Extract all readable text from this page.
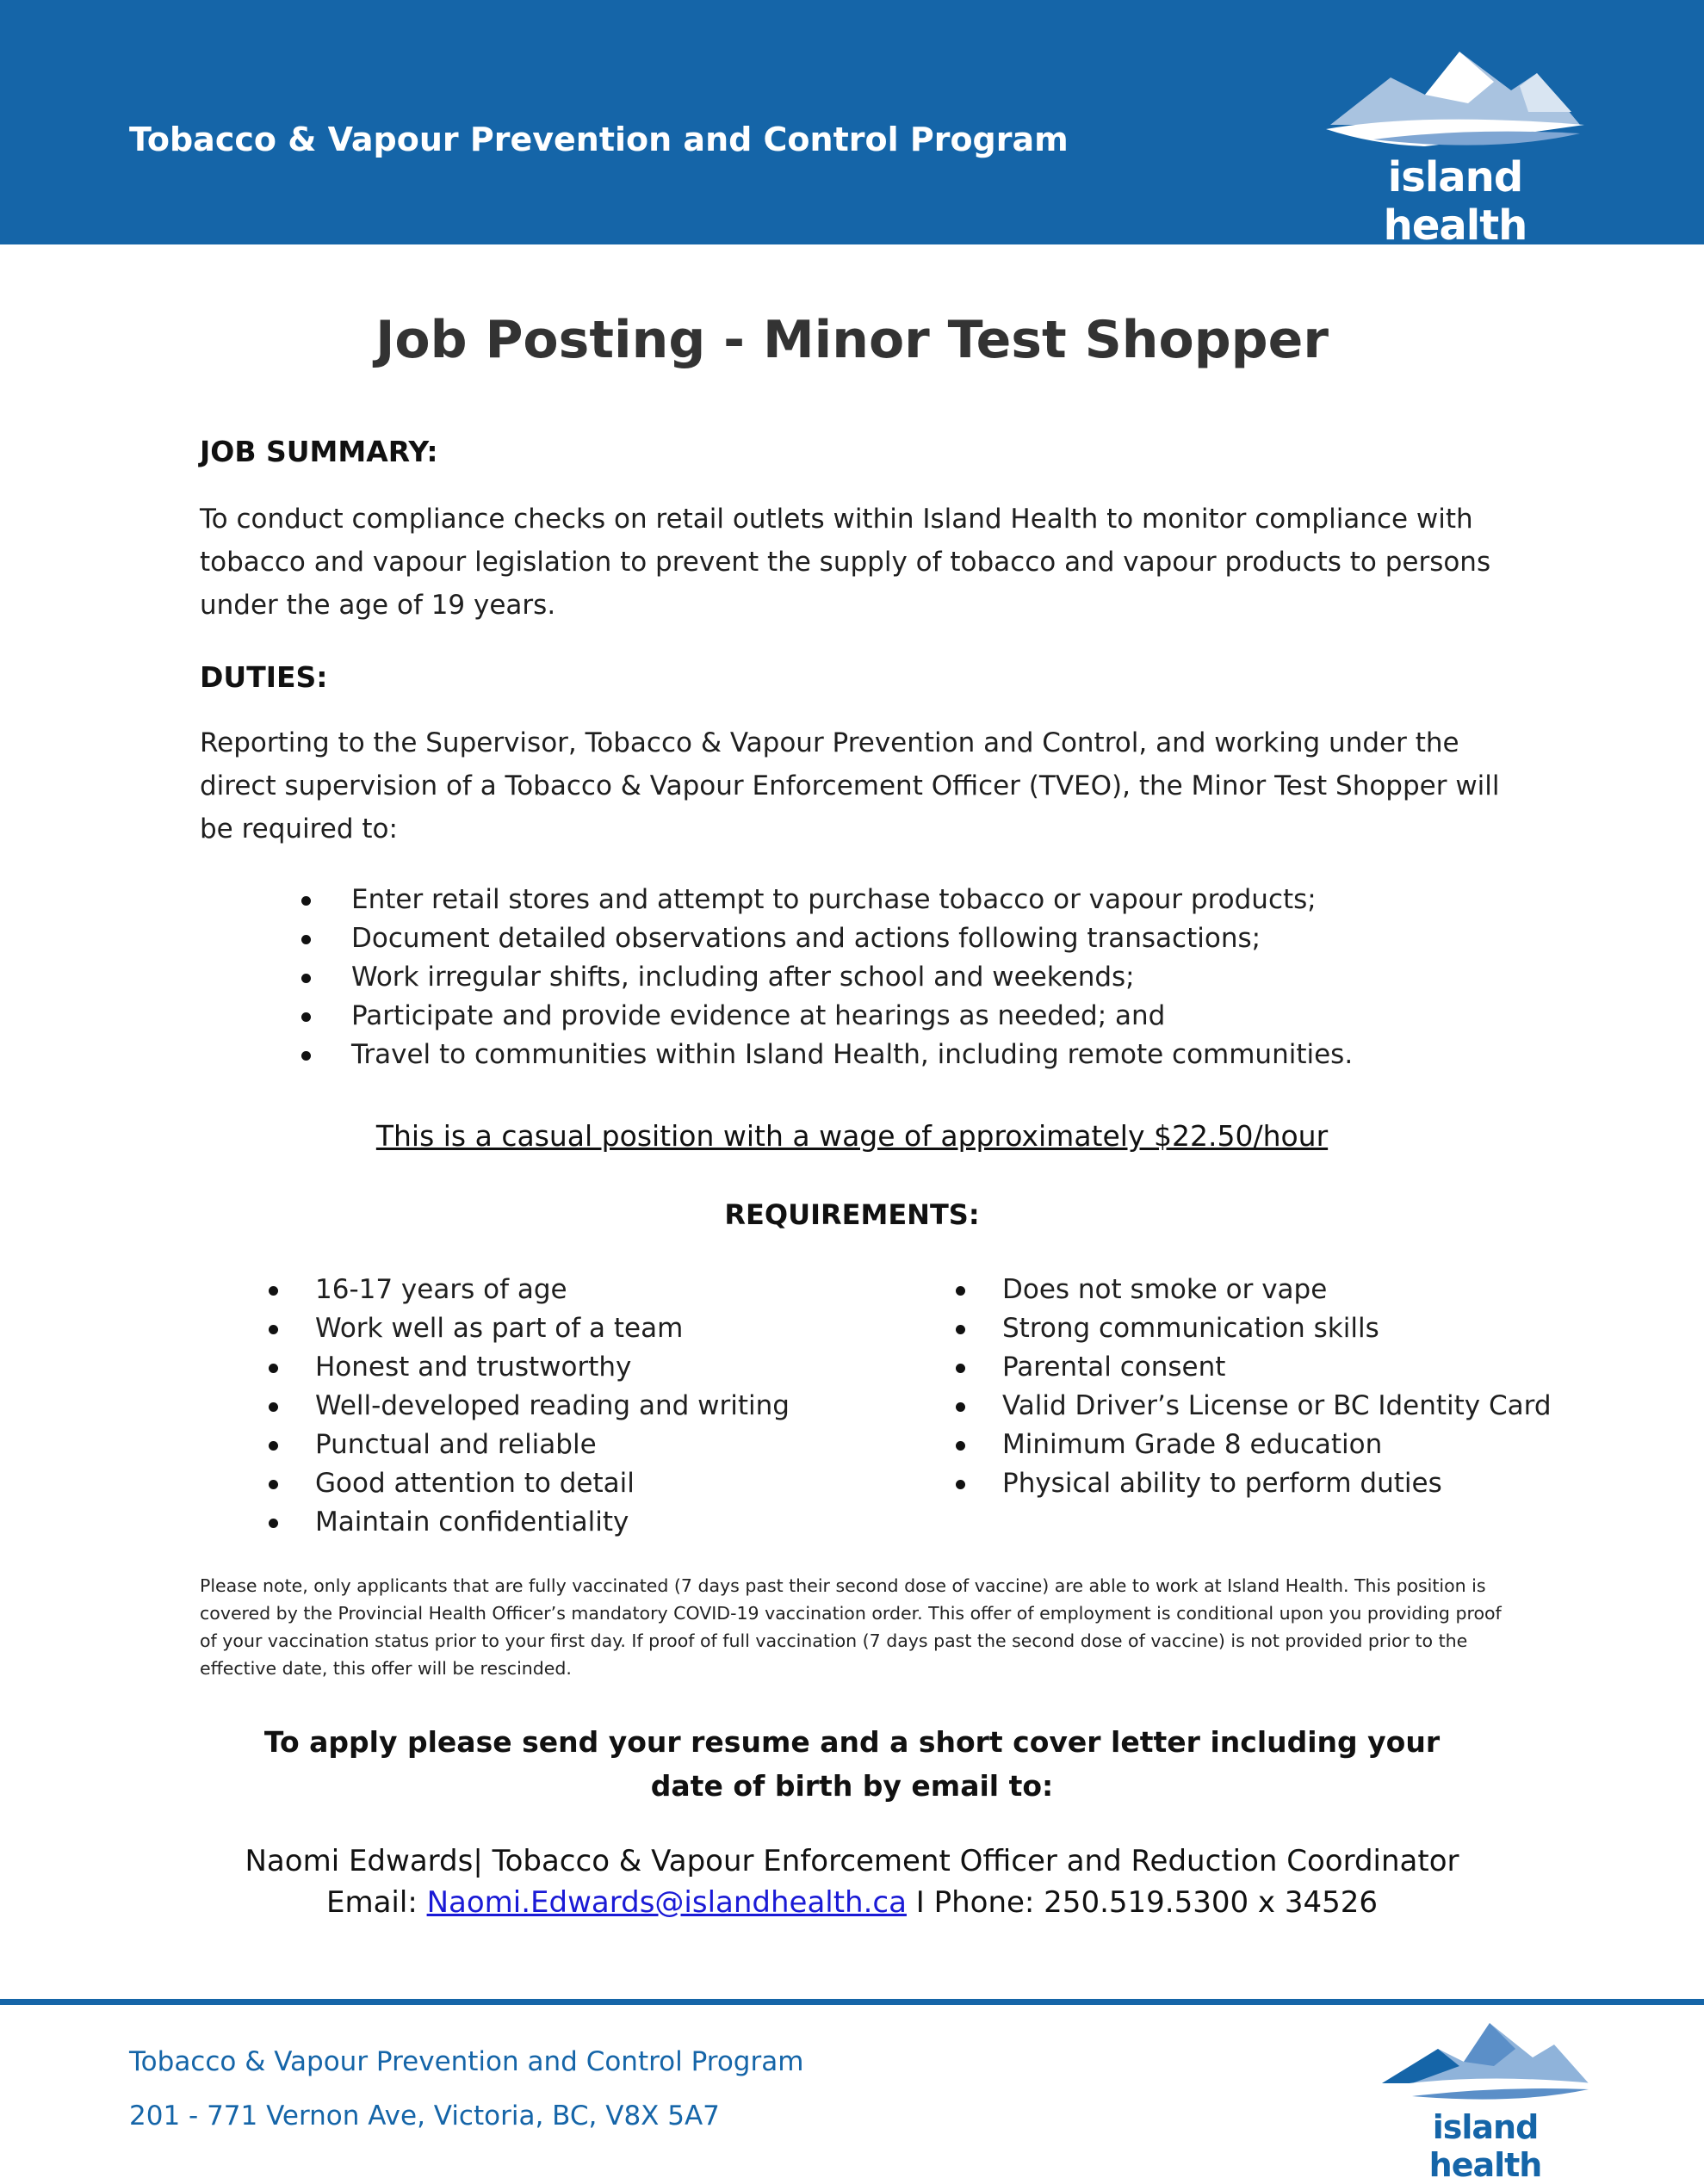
Tobacco & Vapour Prevention and Control Program
island health
Job Posting - Minor Test Shopper
JOB SUMMARY:
To conduct compliance checks on retail outlets within Island Health to monitor compliance with tobacco and vapour legislation to prevent the supply of tobacco and vapour products to persons under the age of 19 years.
DUTIES:
Reporting to the Supervisor, Tobacco & Vapour Prevention and Control, and working under the direct supervision of a Tobacco & Vapour Enforcement Officer (TVEO), the Minor Test Shopper will be required to:
Enter retail stores and attempt to purchase tobacco or vapour products;
Document detailed observations and actions following transactions;
Work irregular shifts, including after school and weekends;
Participate and provide evidence at hearings as needed; and
Travel to communities within Island Health, including remote communities.
This is a casual position with a wage of approximately $22.50/hour
REQUIREMENTS:
16-17 years of age
Work well as part of a team
Honest and trustworthy
Well-developed reading and writing
Punctual and reliable
Good attention to detail
Maintain confidentiality
Does not smoke or vape
Strong communication skills
Parental consent
Valid Driver’s License or BC Identity Card
Minimum Grade 8 education
Physical ability to perform duties
Please note, only applicants that are fully vaccinated (7 days past their second dose of vaccine) are able to work at Island Health. This position is covered by the Provincial Health Officer’s mandatory COVID-19 vaccination order. This offer of employment is conditional upon you providing proof of your vaccination status prior to your first day. If proof of full vaccination (7 days past the second dose of vaccine) is not provided prior to the effective date, this offer will be rescinded.
To apply please send your resume and a short cover letter including your
date of birth by email to:
Naomi Edwards| Tobacco & Vapour Enforcement Officer and Reduction Coordinator
Email: Naomi.Edwards@islandhealth.ca I Phone: 250.519.5300 x 34526
Tobacco & Vapour Prevention and Control Program
201 - 771 Vernon Ave, Victoria, BC, V8X 5A7	island health
